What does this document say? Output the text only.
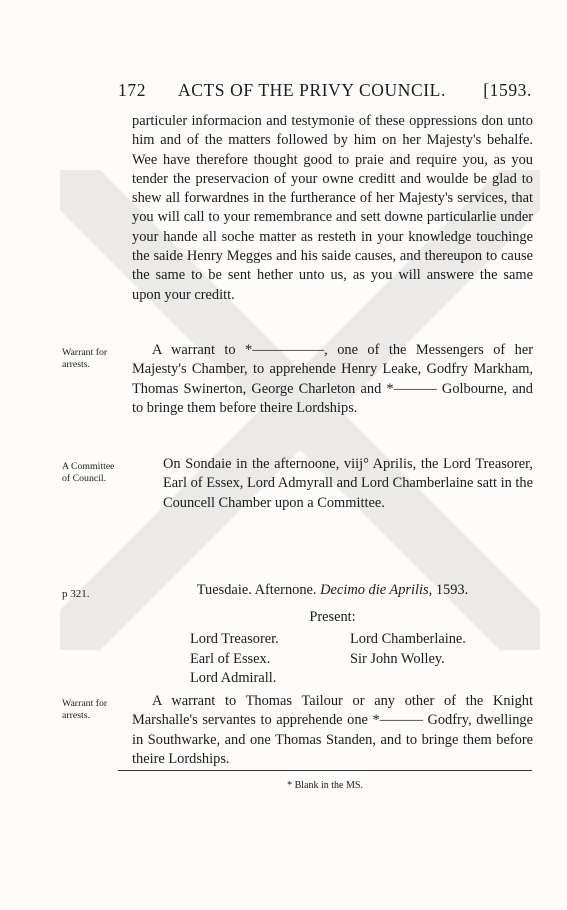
172 ACTS OF THE PRIVY COUNCIL. [1593.
particuler informacion and testymonie of these oppressions don unto him and of the matters followed by him on her Majesty's behalfe. Wee have therefore thought good to praie and require you, as you tender the preservacion of your owne creditt and woulde be glad to shew all forwardnes in the furtherance of her Majesty's services, that you will call to your remembrance and sett downe particularlie under your hande all soche matter as resteth in your knowledge touchinge the saide Henry Megges and his saide causes, and thereupon to cause the same to be sent hether unto us, as you will answere the same upon your creditt.
Warrant for arrests.
A warrant to *—————, one of the Messengers of her Majesty's Chamber, to apprehende Henry Leake, Godfry Markham, Thomas Swinerton, George Charleton and *——— Golbourne, and to bringe them before theire Lordships.
A Committee of Council.
On Sondaie in the afternoone, viij° Aprilis, the Lord Treasorer, Earl of Essex, Lord Admyrall and Lord Chamberlaine satt in the Councell Chamber upon a Committee.
p 321.	Tuesdaie. Afternone. Decimo die Aprilis, 1593.
Present:
Lord Treasorer.
Earl of Essex.
Lord Admirall.
Lord Chamberlaine.
Sir John Wolley.
Warrant for arrests.
A warrant to Thomas Tailour or any other of the Knight Marshalle's servantes to apprehende one *——— Godfry, dwellinge in Southwarke, and one Thomas Standen, and to bringe them before theire Lordships.
* Blank in the MS.
